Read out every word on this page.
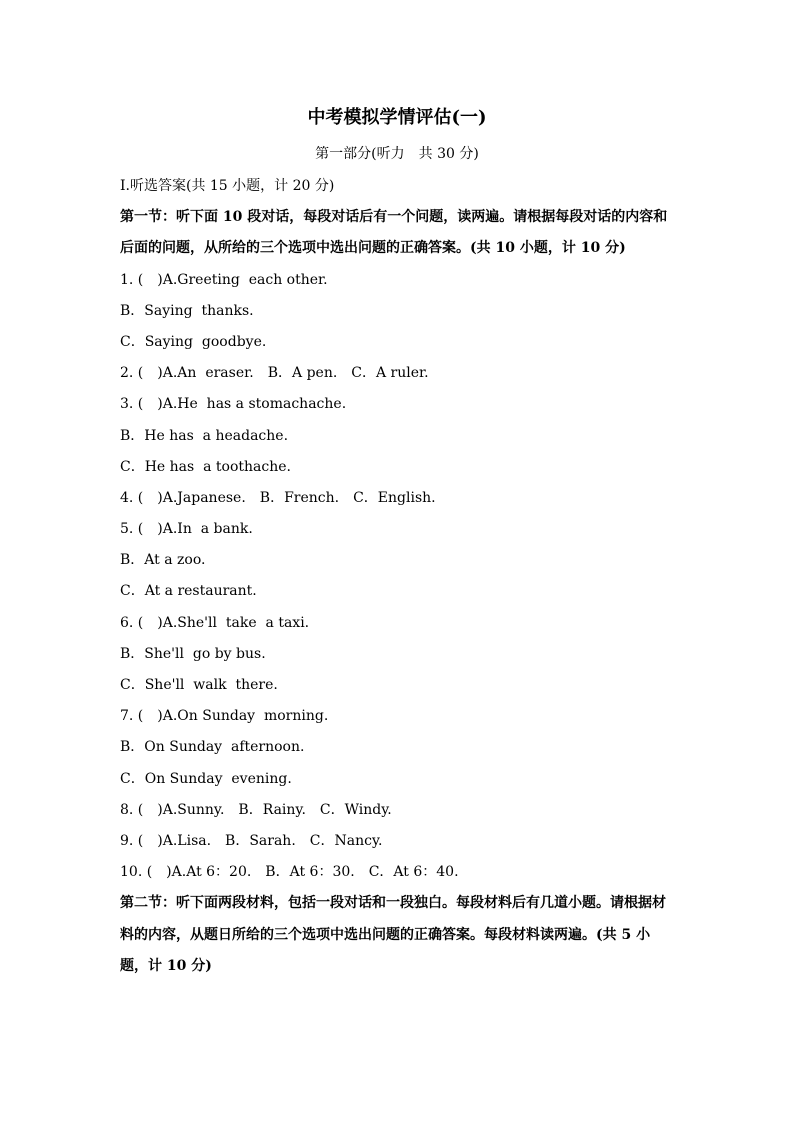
中考模拟学情评估(一)
第一部分(听力　共 30 分)
Ⅰ.听选答案(共 15 小题，计 20 分)
第一节：听下面 10 段对话，每段对话后有一个问题，读两遍。请根据每段对话的内容和后面的问题，从所给的三个选项中选出问题的正确答案。(共 10 小题，计 10 分)
1. (　)A.Greeting  each other.
B．Saying  thanks.
C．Saying  goodbye.
2. (　)A.An  eraser.　B．A pen.　C．A ruler.
3. (　)A.He  has a stomachache.
B．He has  a headache.
C．He has  a toothache.
4. (　)A.Japanese.　B．French.　C．English.
5. (　)A.In  a bank.
B．At a zoo.
C．At a restaurant.
6. (　)A.She'll  take  a taxi.
B．She'll  go by bus.
C．She'll  walk  there.
7. (　)A.On Sunday  morning.
B．On Sunday  afternoon.
C．On Sunday  evening.
8. (　)A.Sunny.　B．Rainy.　C．Windy.
9. (　)A.Lisa.　B．Sarah.　C．Nancy.
10. (　)A.At 6：20.　B．At 6：30.　C．At 6：40.
第二节：听下面两段材料，包括一段对话和一段独白。每段材料后有几道小题。请根据材料的内容，从题日所给的三个选项中选出问题的正确答案。每段材料读两遍。(共 5 小题，计 10 分)
